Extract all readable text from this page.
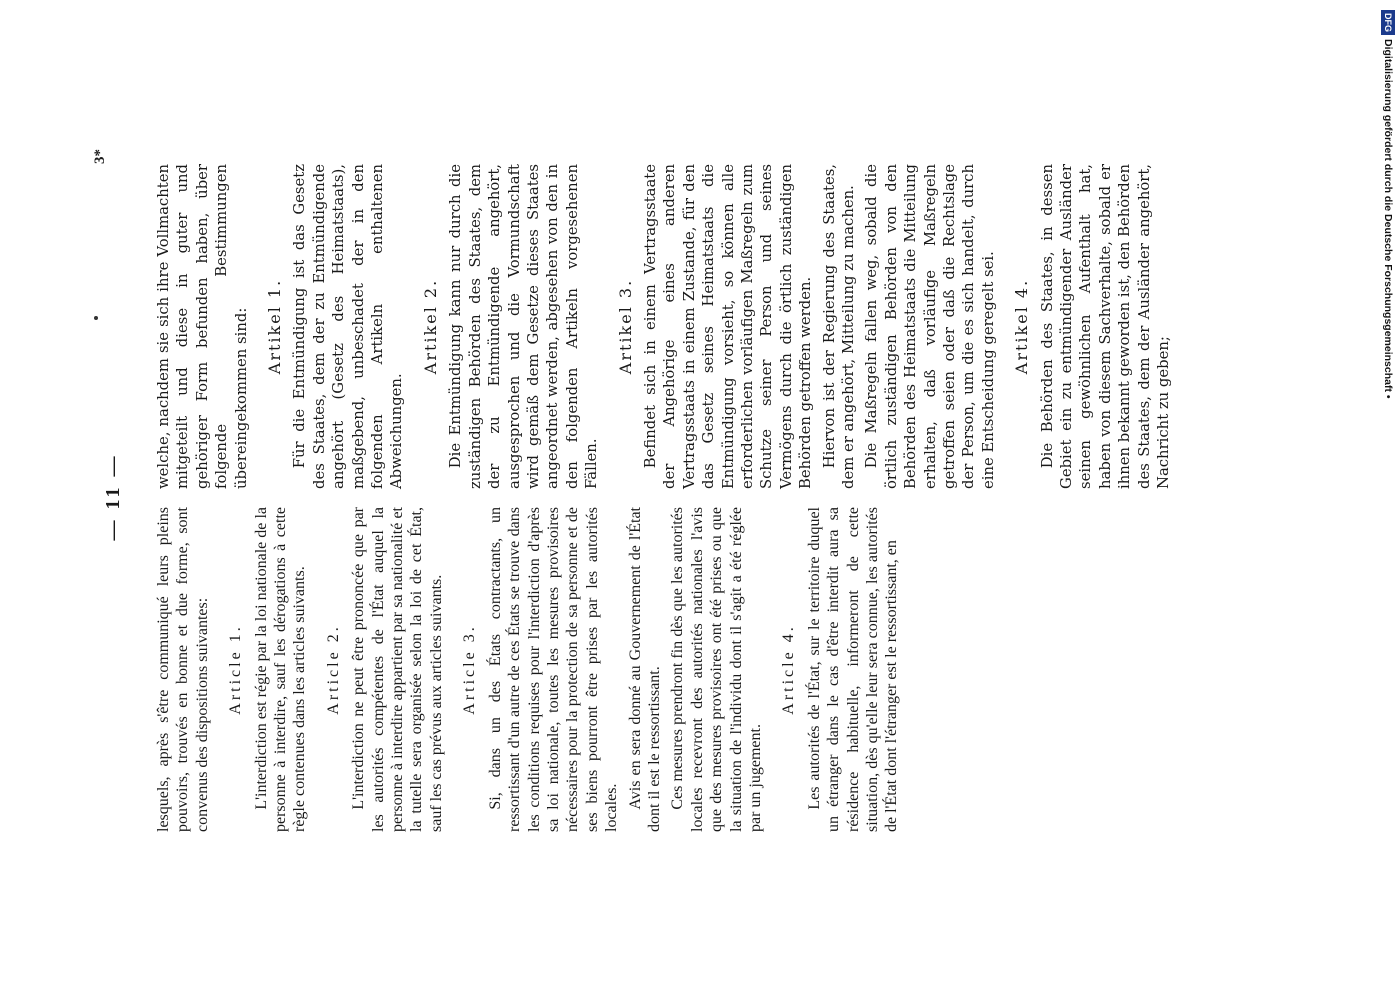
— 11 —
3*

lesquels, après s'être communiqué leurs pleins pouvoirs, trouvés en bonne et due forme, sont convenus des dispositions suivantes: Article 1. L'interdiction est régie par la loi nationale de la personne à interdire, sauf les dérogations à cette règle contenues dans les articles suivants. Article 2. L'interdiction ne peut être prononcée que par les autorités compétentes de l'État auquel la personne à interdire appartient par sa nationalité et la tutelle sera organisée selon la loi de cet État, sauf les cas prévus aux articles suivants. Article 3. Si, dans un des États contractants, un ressortissant d'un autre de ces États se trouve dans les conditions requises pour l'interdiction d'après sa loi nationale, toutes les mesures provisoires nécessaires pour la protection de sa personne et de ses biens pourront être prises par les autorités locales. Avis en sera donné au Gouvernement de l'État dont il est le ressortissant. Ces mesures prendront fin dès que les autorités locales recevront des autorités nationales l'avis que des mesures provisoires ont été prises ou que la situation de l'individu dont il s'agit a été réglée par un jugement.

Article 4. Les autorités de l'État, sur le territoire duquel un étranger dans le cas d'être interdit aura sa résidence habituelle, informeront de cette situation, dès qu'elle leur sera connue, les autorités de l'État dont l'étranger est le ressortissant, en

welche, nachdem sie sich ihre Vollmachten mitgeteilt und diese in guter und gehöriger Form befunden haben, über folgende Bestimmungen übereingekommen sind: Artikel 1. Für die Entmündigung ist das Gesetz des Staates, dem der zu Entmündigende angehört (Gesetz des Heimatstaats), maßgebend, unbeschadet der in den folgenden Artikeln enthaltenen Abweichungen.

Artikel 2. Die Entmündigung kann nur durch die zuständigen Behörden des Staates, dem der zu Entmündigende angehört, ausgesprochen und die Vormundschaft wird gemäß dem Gesetze dieses Staates angeordnet werden, abgesehen von den in den folgenden Artikeln vorgesehenen Fällen.

Artikel 3. Befindet sich in einem Vertragsstaate der Angehörige eines anderen Vertragsstaats in einem Zustande, für den das Gesetz seines Heimatstaats die Entmündigung vorsieht, so können alle erforderlichen vorläufigen Maßregeln zum Schutze seiner Person und seines Vermögens durch die örtlich zuständigen Behörden getroffen werden. Hiervon ist der Regierung des Staates, dem er angehört, Mitteilung zu machen. Die Maßregeln fallen weg, sobald die örtlich zuständigen Behörden von den Behörden des Heimatstaats die Mitteilung erhalten, daß vorläufige Maßregeln getroffen seien oder daß die Rechtslage der Person, um die es sich handelt, durch eine Entscheidung geregelt sei. Artikel 4. Die Behörden des Staates, in dessen Gebiet ein zu entmündigender Ausländer seinen gewöhnlichen Aufenthalt hat, haben von diesem Sachverhalte, sobald er ihnen bekannt geworden ist, den Behörden des Staates, dem der Ausländer angehört, Nachricht zu geben;

DFGDigitalisierung gefördert durch die Deutsche Forschungsgemeinschaft •
